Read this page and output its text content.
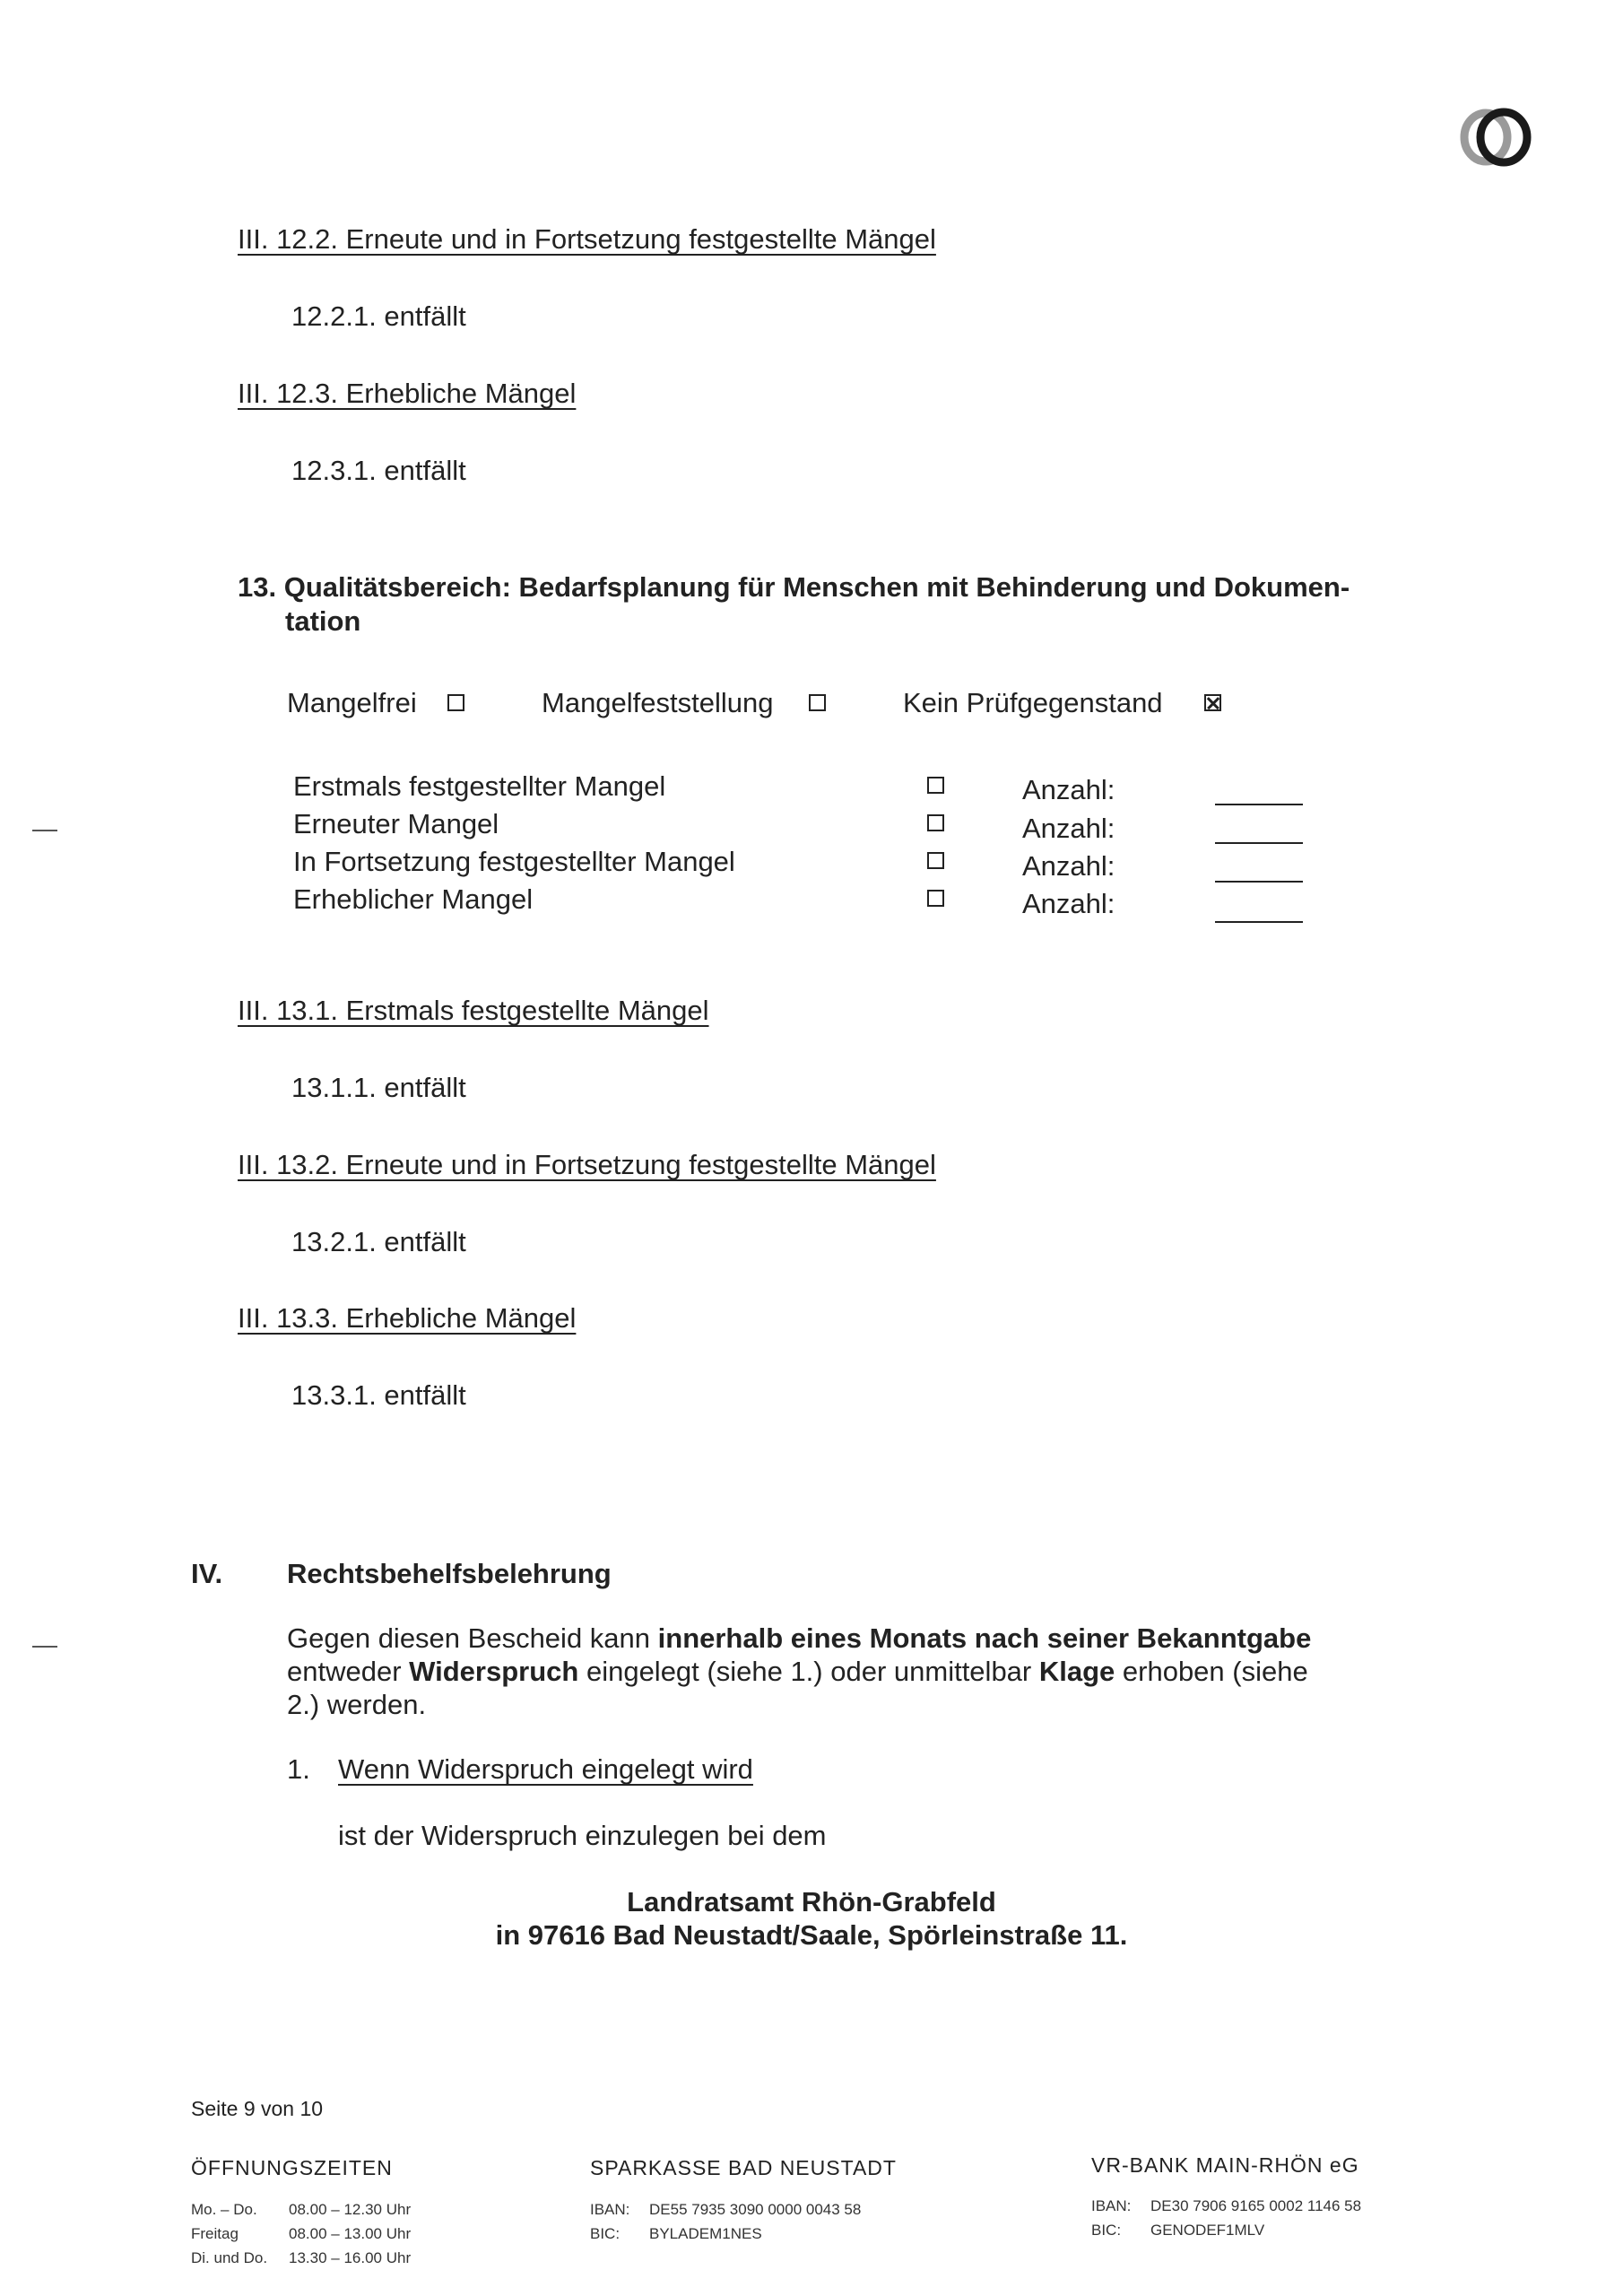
III. 12.2. Erneute und in Fortsetzung festgestellte Mängel
12.2.1. entfällt
III. 12.3. Erhebliche Mängel
12.3.1. entfällt
13. Qualitätsbereich: Bedarfsplanung für Menschen mit Behinderung und Dokumen-
tation
Mangelfrei	Mangelfeststellung	Kein Prüfgegenstand
Erstmals festgestellter Mangel	Anzahl:
Erneuter Mangel	Anzahl:
In Fortsetzung festgestellter Mangel	Anzahl:
Erheblicher Mangel	Anzahl:
III. 13.1. Erstmals festgestellte Mängel
13.1.1. entfällt
III. 13.2. Erneute und in Fortsetzung festgestellte Mängel
13.2.1. entfällt
III. 13.3. Erhebliche Mängel
13.3.1. entfällt
IV. Rechtsbehelfsbelehrung
Gegen diesen Bescheid kann innerhalb eines Monats nach seiner Bekanntgabe
entweder Widerspruch eingelegt (siehe 1.) oder unmittelbar Klage erhoben (siehe
2.) werden.
1. Wenn Widerspruch eingelegt wird
ist der Widerspruch einzulegen bei dem
Landratsamt Rhön-Grabfeld
in 97616 Bad Neustadt/Saale, Spörleinstraße 11.
Seite 9 von 10
ÖFFNUNGSZEITEN
Mo. – Do. 08.00 – 12.30 Uhr
Freitag	08.00 – 13.00 Uhr
Di. und Do. 13.30 – 16.00 Uhr
SPARKASSE BAD NEUSTADT
IBAN: DE55 7935 3090 0000 0043 58
BIC: BYLADEM1NES
VR-BANK MAIN-RHÖN eG
IBAN: DE30 7906 9165 0002 1146 58
BIC: GENODEF1MLV
